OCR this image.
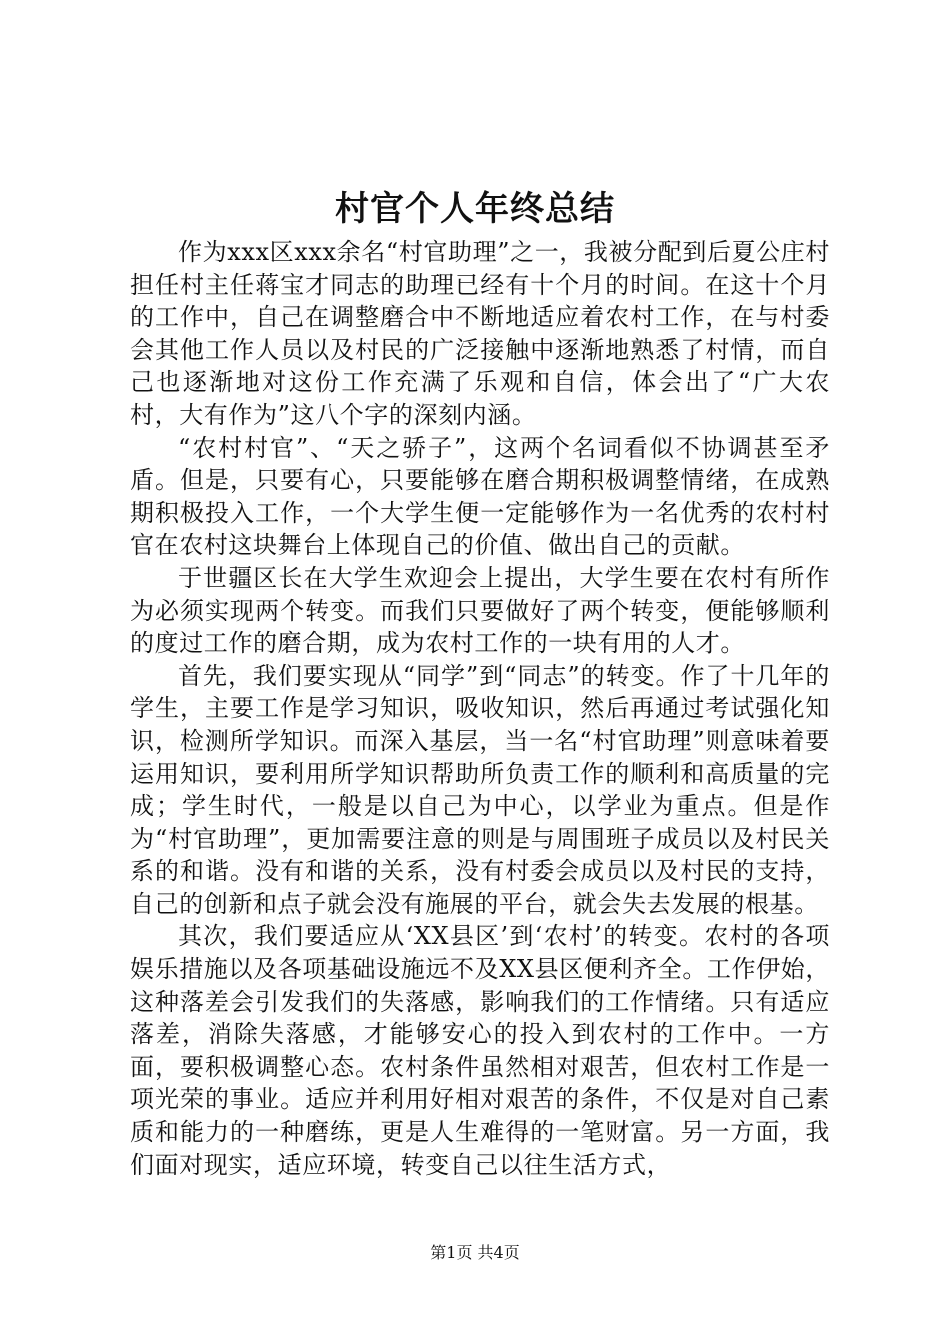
村官个人年终总结

作为xxx区xxx余名“村官助理”之一，我被分配到后夏公庄村担任村主任蒋宝才同志的助理已经有十个月的时间。在这十个月的工作中，自己在调整磨合中不断地适应着农村工作，在与村委会其他工作人员以及村民的广泛接触中逐渐地熟悉了村情，而自己也逐渐地对这份工作充满了乐观和自信，体会出了“广大农村，大有作为”这八个字的深刻内涵。

“农村村官”、“天之骄子”，这两个名词看似不协调甚至矛盾。但是，只要有心，只要能够在磨合期积极调整情绪，在成熟期积极投入工作，一个大学生便一定能够作为一名优秀的农村村官在农村这块舞台上体现自己的价值、做出自己的贡献。

于世疆区长在大学生欢迎会上提出，大学生要在农村有所作为必须实现两个转变。而我们只要做好了两个转变，便能够顺利的度过工作的磨合期，成为农村工作的一块有用的人才。

首先，我们要实现从“同学”到“同志”的转变。作了十几年的学生，主要工作是学习知识，吸收知识，然后再通过考试强化知识，检测所学知识。而深入基层，当一名“村官助理”则意味着要运用知识，要利用所学知识帮助所负责工作的顺利和高质量的完成；学生时代，一般是以自己为中心，以学业为重点。但是作为“村官助理”，更加需要注意的则是与周围班子成员以及村民关系的和谐。没有和谐的关系，没有村委会成员以及村民的支持，自己的创新和点子就会没有施展的平台，就会失去发展的根基。

其次，我们要适应从‘XX县区’到‘农村’的转变。农村的各项娱乐措施以及各项基础设施远不及XX县区便利齐全。工作伊始，这种落差会引发我们的失落感，影响我们的工作情绪。只有适应落差，消除失落感，才能够安心的投入到农村的工作中。一方面，要积极调整心态。农村条件虽然相对艰苦，但农村工作是一项光荣的事业。适应并利用好相对艰苦的条件，不仅是对自己素质和能力的一种磨练，更是人生难得的一笔财富。另一方面，我们面对现实，适应环境，转变自己以往生活方式，

第1页 共4页
